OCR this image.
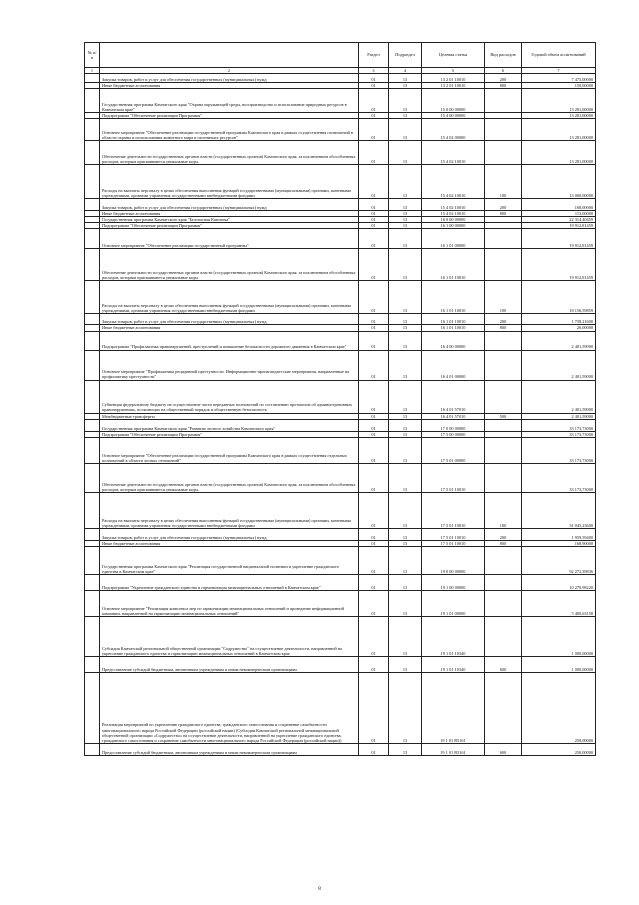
№ п/п		Раздел	Подраздел	Целевая статья	Вид расходов	Годовой объем ассигнований
1	2	3	4	5	6	7
	Закупка товаров, работ и услуг для обеспечения государственных (муниципальных) нужд	01	13	13 2 01 10010	200	7 475,00000
	Иные бюджетные ассигнования	01	13	13 2 01 10010	800	150,00000
	Государственная программа Камчатского края "Охрана окружающей среды, воспроизводство и использование природных ресурсов в Камчатском крае"	01	13	15 0 00 00000		13 281,00000
	Подпрограмма "Обеспечение реализации Программы"	01	13	15 4 00 00000		13 281,00000
	Основное мероприятие "Обеспечение реализации государственной программы Камчатского края в рамках осуществления полномочий в области охраны и использования животного мира и охотничьих ресурсов"	01	13	15 4 02 00000		13 281,00000
	Обеспечение деятельности государственных органов власти (государственных органов) Камчатского края, за исключением обособленных расходов, которым присваиваются уникальные коды.	01	13	15 4 02 10010		13 281,00000
	Расходы на выплаты персоналу в целях обеспечения выполнения функций государственными (муниципальными) органами, казенными учреждениями, органами управления государственными внебюджетными фондами	01	13	15 4 02 10010	100	13 000,00000
	Закупка товаров, работ и услуг для обеспечения государственных (муниципальных) нужд	01	13	15 4 02 10010	200	168,00000
	Иные бюджетные ассигнования	01	13	15 4 02 10010	800	113,00000
	Государственная программа Камчатского края "Безопасная Камчатка"	01	13	16 0 00 00000		22 314,40459
	Подпрограмма "Обеспечение реализации Программы"	01	13	16 1 00 00000		19 912,81459
	Основное мероприятие "Обеспечение реализации государственной программы"	01	13	16 1 01 00000		19 912,81459
	Обеспечение деятельности государственных органов власти (государственных органов) Камчатского края, за исключением обособленных расходов, которым присваиваются уникальные коды.	01	13	16 1 01 10010		19 912,81459
	Расходы на выплаты персоналу в целях обеспечения выполнения функций государственными (муниципальными) органами, казенными учреждениями, органами управления государственными внебюджетными фондами	01	13	16 1 01 10010	100	18 156,59859
	Закупка товаров, работ и услуг для обеспечения государственных (муниципальных) нужд	01	13	16 1 01 10010	200	1 738,21600
	Иные бюджетные ассигнования	01	13	16 1 01 10010	800	20,00000
	Подпрограмма "Профилактика правонарушений, преступлений и повышение безопасности дорожного движения в Камчатском крае"	01	13	16 4 00 00000		2 401,59000
	Основное мероприятие "Профилактика рецидивной преступности. Информационно-пропагандистские мероприятия, направленные на профилактику преступности"	01	13	16 4 01 00000		2 401,59000
	Субвенция федеральному бюджету на осуществление части переданных полномочий по составлению протоколов об административных правонарушениях, посягающих на общественный порядок и общественную безопасность	01	13	16 4 01 57010		2 401,59000
	Межбюджетные трансферты	01	13	16 4 01 57010	500	2 401,59000
	Государственная программа Камчатского края "Развитие лесного хозяйства Камчатского края"	01	13	17 0 00 00000		33 173,73000
	Подпрограмма "Обеспечение реализации Программы"	01	13	17 5 00 00000		33 173,73000
	Основное мероприятие "Обеспечение реализации государственной программы Камчатского края в рамках осуществления отдельных полномочий в области лесных отношений"	01	13	17 5 01 00000		33 173,73000
	Обеспечение деятельности государственных органов власти (государственных органов) Камчатского края, за исключением обособленных расходов, которым присваиваются уникальные коды.	01	13	17 5 01 10010		33 173,73000
	Расходы на выплаты персоналу в целях обеспечения выполнения функций государственными (муниципальными) органами, казенными учреждениями, органами управления государственными внебюджетными фондами	01	13	17 5 01 10010	100	31 045,23600
	Закупка товаров, работ и услуг для обеспечения государственных (муниципальных) нужд	01	13	17 5 01 10010	200	1 959,59400
	Иные бюджетные ассигнования	01	13	17 5 01 10010	800	168,90000
	Государственная программа Камчатского края "Реализация государственной национальной политики и укрепление гражданского единства в Камчатском крае"	01	13	19 0 00 00000		92 272,39836
	Подпрограмма "Укрепление гражданского единства и гармонизация межнациональных отношений в Камчатском крае"	01	13	19 1 00 00000		10 270,98220
	Основное мероприятие "Реализация комплекса мер по гармонизации межнациональных отношений и проведение информационной кампании, направленной на гармонизацию межнациональных отношений"	01	13	19 1 01 00000		5 400,63158
	Субсидия Камчатской региональной общественной организации "Содружество" на осуществление деятельности, направленной на укрепление гражданского единства и гармонизацию межнациональных отношений в Камчатском крае	01	13	19 1 01 10340		1 000,00000
	Предоставление субсидий бюджетным, автономным учреждениям и иным некоммерческим организациям	01	13	19 1 01 10340	600	1 000,00000
	Реализация мероприятий по укреплению гражданского единства, гражданского самосознания и сохранение самобытности многонационального народа Российской Федерации (российской нации) (Субсидия Камчатской региональной межнациональной общественной организации «Содружество» на осуществление деятельности, направленной на укрепление гражданского единства, гражданского самосознания и сохранение самобытности многонационального народа Российской Федерации (российской нации))	01	13	19 1 01 R5161		250,00000
	Предоставление субсидий бюджетным, автономным учреждениям и иным некоммерческим организациям	01	13	19 1 01 R5161	600	250,00000
8
